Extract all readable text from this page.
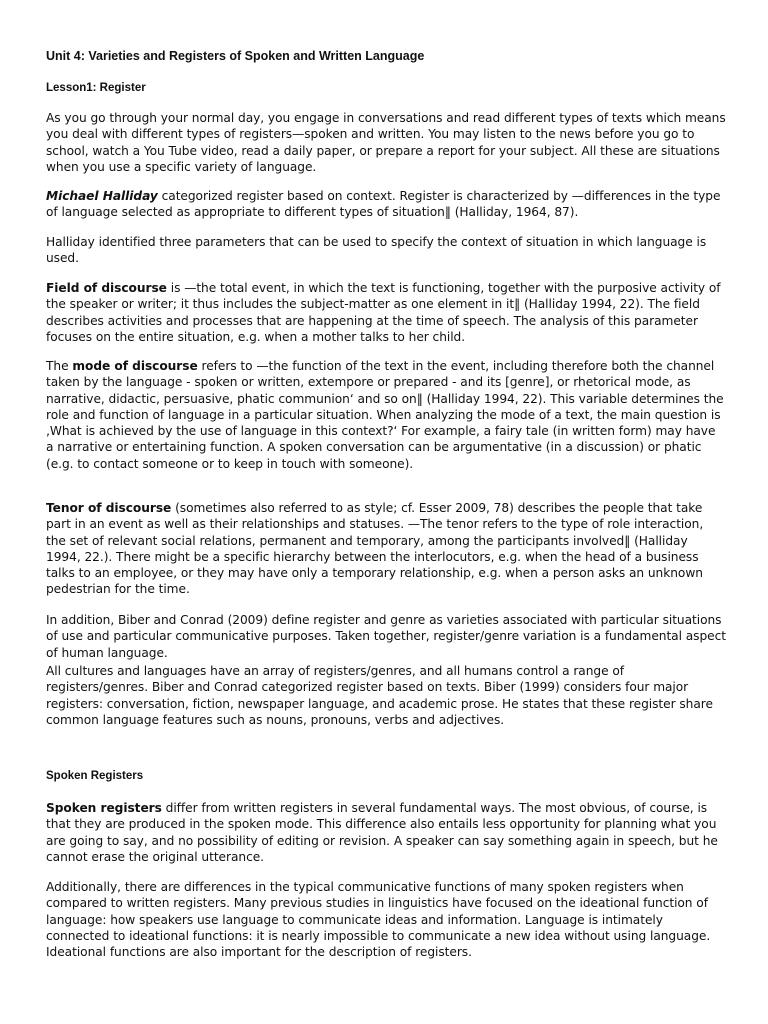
Unit 4: Varieties and Registers of Spoken and Written Language
Lesson1: Register

As you go through your normal day, you engage in conversations and read different types of texts which means you deal with different types of registers—spoken and written. You may listen to the news before you go to school, watch a You Tube video, read a daily paper, or prepare a report for your subject. All these are situations when you use a specific variety of language.

Michael Halliday categorized register based on context. Register is characterized by —differences in the type of language selected as appropriate to different types of situation‖ (Halliday, 1964, 87).

Halliday identified three parameters that can be used to specify the context of situation in which language is used.

Field of discourse is —the total event, in which the text is functioning, together with the purposive activity of the speaker or writer; it thus includes the subject-matter as one element in it‖ (Halliday 1994, 22). The field describes activities and processes that are happening at the time of speech. The analysis of this parameter focuses on the entire situation, e.g. when a mother talks to her child.

The mode of discourse refers to —the function of the text in the event, including therefore both the channel taken by the language - spoken or written, extempore or prepared - and its [genre], or rhetorical mode, as narrative, didactic, persuasive, phatic communion‘ and so on‖ (Halliday 1994, 22). This variable determines the role and function of language in a particular situation. When analyzing the mode of a text, the main question is ‚What is achieved by the use of language in this context?‘ For example, a fairy tale (in written form) may have a narrative or entertaining function. A spoken conversation can be argumentative (in a discussion) or phatic (e.g. to contact someone or to keep in touch with someone).

Tenor of discourse (sometimes also referred to as style; cf. Esser 2009, 78) describes the people that take part in an event as well as their relationships and statuses. —The tenor refers to the type of role interaction, the set of relevant social relations, permanent and temporary, among the participants involved‖ (Halliday 1994, 22.). There might be a specific hierarchy between the interlocutors, e.g. when the head of a business talks to an employee, or they may have only a temporary relationship, e.g. when a person asks an unknown pedestrian for the time.

In addition, Biber and Conrad (2009) define register and genre as varieties associated with particular situations of use and particular communicative purposes. Taken together, register/genre variation is a fundamental aspect of human language.

All cultures and languages have an array of registers/genres, and all humans control a range of registers/genres. Biber and Conrad categorized register based on texts. Biber (1999) considers four major registers: conversation, fiction, newspaper language, and academic prose. He states that these register share common language features such as nouns, pronouns, verbs and adjectives.

Spoken Registers

Spoken registers differ from written registers in several fundamental ways. The most obvious, of course, is that they are produced in the spoken mode. This difference also entails less opportunity for planning what you are going to say, and no possibility of editing or revision. A speaker can say something again in speech, but he cannot erase the original utterance.

Additionally, there are differences in the typical communicative functions of many spoken registers when compared to written registers. Many previous studies in linguistics have focused on the ideational function of language: how speakers use language to communicate ideas and information. Language is intimately connected to ideational functions: it is nearly impossible to communicate a new idea without using language. Ideational functions are also important for the description of registers.
